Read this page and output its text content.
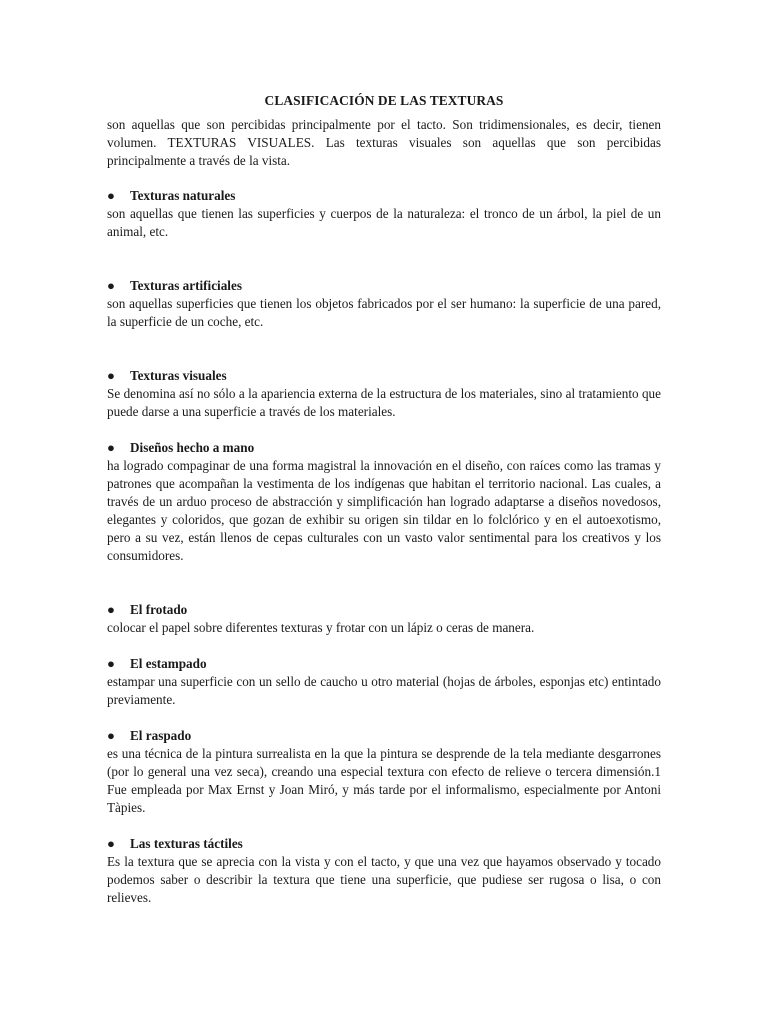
CLASIFICACIÓN DE LAS TEXTURAS

son aquellas que son percibidas principalmente por el tacto. Son tridimensionales, es decir, tienen volumen. TEXTURAS VISUALES. Las texturas visuales son aquellas que son percibidas principalmente a través de la vista.

● Texturas naturales

son aquellas que tienen las superficies y cuerpos de la naturaleza: el tronco de un árbol, la piel de un animal, etc.

● Texturas artificiales

son aquellas superficies que tienen los objetos fabricados por el ser humano: la superficie de una pared, la superficie de un coche, etc.

● Texturas visuales

Se denomina así no sólo a la apariencia externa de la estructura de los materiales, sino al tratamiento que puede darse a una superficie a través de los materiales.

● Diseños hecho a mano

ha logrado compaginar de una forma magistral la innovación en el diseño, con raíces como las tramas y patrones que acompañan la vestimenta de los indígenas que habitan el territorio nacional. Las cuales, a través de un arduo proceso de abstracción y simplificación han logrado adaptarse a diseños novedosos, elegantes y coloridos, que gozan de exhibir su origen sin tildar en lo folclórico y en el autoexotismo, pero a su vez, están llenos de cepas culturales con un vasto valor sentimental para los creativos y los consumidores.

● El frotado

colocar el papel sobre diferentes texturas y frotar con un lápiz o ceras de manera.

● El estampado

estampar una superficie con un sello de caucho u otro material (hojas de árboles, esponjas etc) entintado previamente.

● El raspado

es una técnica de la pintura surrealista en la que la pintura se desprende de la tela mediante desgarrones (por lo general una vez seca), creando una especial textura con efecto de relieve o tercera dimensión.1 Fue empleada por Max Ernst y Joan Miró, y más tarde por el informalismo, especialmente por Antoni Tàpies.

● Las texturas táctiles

Es la textura que se aprecia con la vista y con el tacto, y que una vez que hayamos observado y tocado podemos saber o describir la textura que tiene una superficie, que pudiese ser rugosa o lisa, o con relieves.
